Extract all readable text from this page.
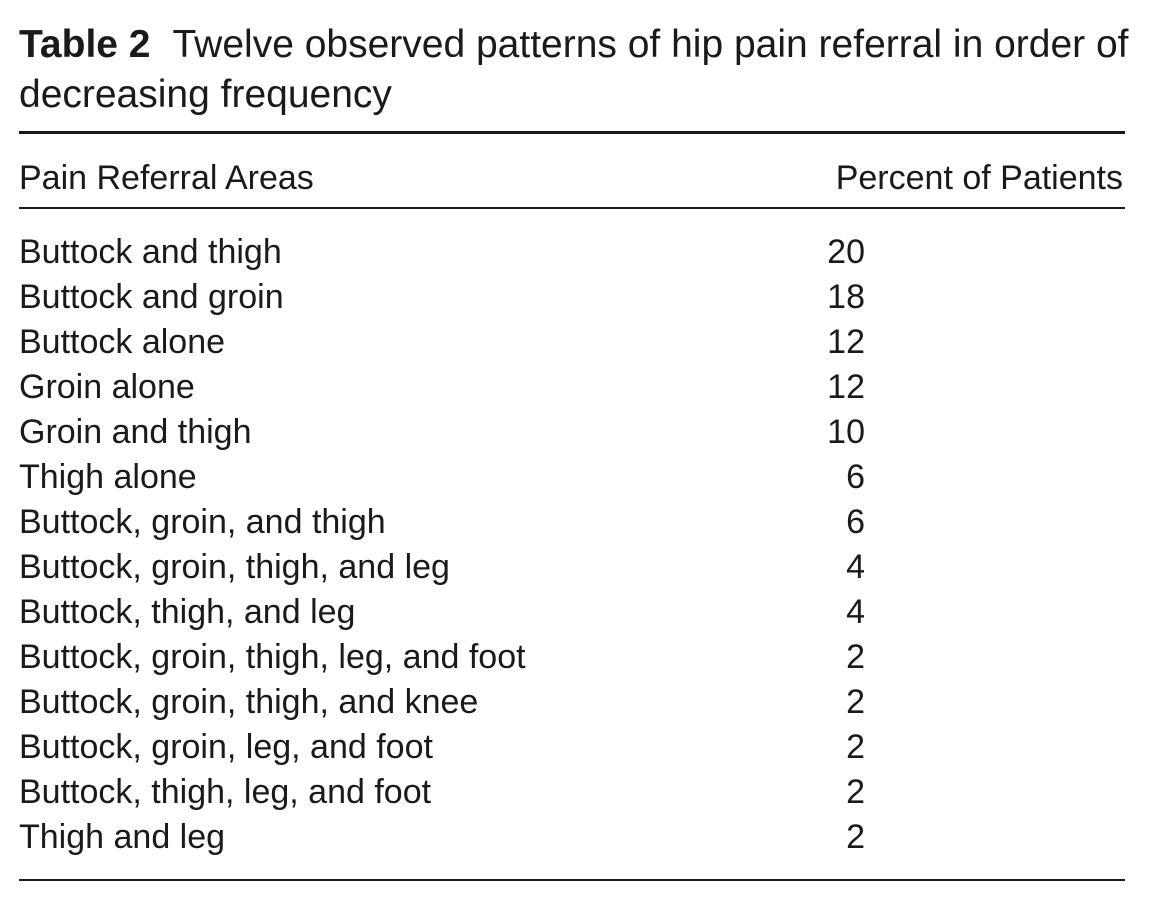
Table 2 Twelve observed patterns of hip pain referral in order of decreasing frequency

Pain Referral Areas	Percent of Patients
Buttock and thigh	20
Buttock and groin	18
Buttock alone	12
Groin alone	12
Groin and thigh	10
Thigh alone	6
Buttock, groin, and thigh	6
Buttock, groin, thigh, and leg	4
Buttock, thigh, and leg	4
Buttock, groin, thigh, leg, and foot	2
Buttock, groin, thigh, and knee	2
Buttock, groin, leg, and foot	2
Buttock, thigh, leg, and foot	2
Thigh and leg	2
